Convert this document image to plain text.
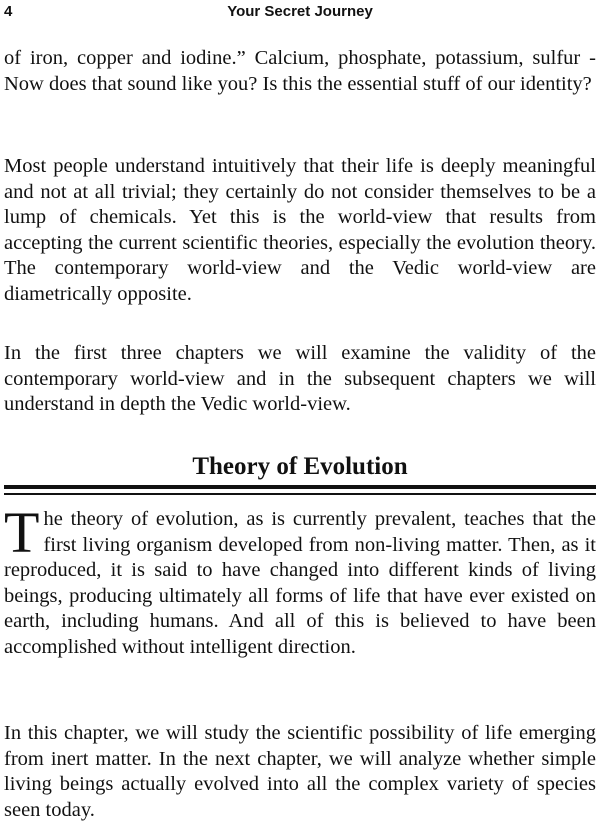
4	Your Secret Journey

of iron, copper and iodine.” Calcium, phosphate, potassium, sulfur - Now does that sound like you? Is this the essential stuff of our identity?

Most people understand intuitively that their life is deeply meaningful and not at all trivial; they certainly do not consider themselves to be a lump of chemicals. Yet this is the world-view that results from accepting the current scientific theories, especially the evolution theory. The contemporary world-view and the Vedic world-view are diametrically opposite.

In the first three chapters we will examine the validity of the contemporary world-view and in the subsequent chapters we will understand in depth the Vedic world-view.

Theory of Evolution

The theory of evolution, as is currently prevalent, teaches that the first living organism developed from non-living matter. Then, as it reproduced, it is said to have changed into different kinds of living beings, producing ultimately all forms of life that have ever existed on earth, including humans. And all of this is believed to have been accomplished without intelligent direction.

In this chapter, we will study the scientific possibility of life emerging from inert matter. In the next chapter, we will analyze whether simple living beings actually evolved into all the complex variety of species seen today.
